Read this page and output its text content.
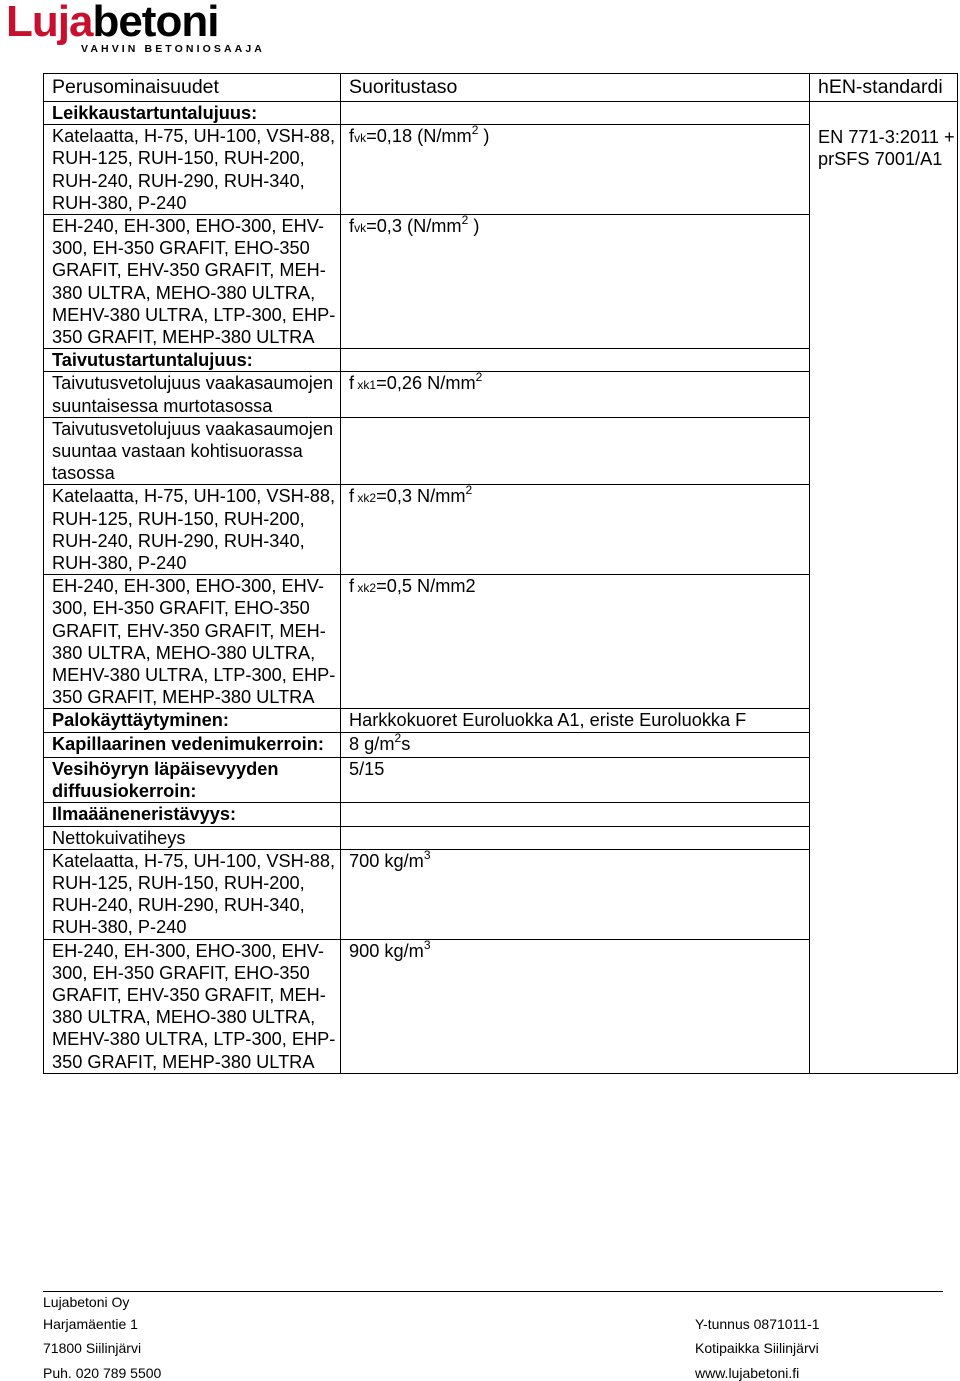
Lujabetoni
VAHVIN BETONIOSAAJA
Perusominaisuudet	Suoritustaso	hEN-standardi
Leikkaustartuntalujuus:		EN 771-3:2011 + prSFS 7001/A1
Katelaatta, H-75, UH-100, VSH-88, RUH-125, RUH-150, RUH-200, RUH-240, RUH-290, RUH-340, RUH-380, P-240	fvk=0,18 ($N/mm^2$ )	
EH-240, EH-300, EHO-300, EHV-300, EH-350 GRAFIT, EHO-350 GRAFIT, EHV-350 GRAFIT, MEH-380 ULTRA, MEHO-380 ULTRA, MEHV-380 ULTRA, LTP-300, EHP-350 GRAFIT, MEHP-380 ULTRA	fvk=0,3 ($N/mm^2$ )	
Taivutustartuntalujuus:		
Taivutusvetolujuus vaakasaumojen suuntaisessa murtotasossa	f xk1=0,26 $N/mm^2$
Taivutusvetolujuus vaakasaumojen suuntaa vastaan kohtisuorassa tasossa		
Katelaatta, H-75, UH-100, VSH-88, RUH-125, RUH-150, RUH-200, RUH-240, RUH-290, RUH-340, RUH-380, P-240	f xk2=0,3 $N/mm^2$
EH-240, EH-300, EHO-300, EHV-300, EH-350 GRAFIT, EHO-350 GRAFIT, EHV-350 GRAFIT, MEH-380 ULTRA, MEHO-380 ULTRA, MEHV-380 ULTRA, LTP-300, EHP-350 GRAFIT, MEHP-380 ULTRA	f xk2=0,5 N/mm2	
Palokäyttäytyminen:	Harkkokuoret Euroluokka A1, eriste Euroluokka F	
Kapillaarinen vedenimukerroin:	8 $g/m^2s$	
Vesihöyryn läpäisevyyden diffuusiokerroin:	5/15	
Ilmaääneneristävyys:		
Nettokuivatiheys		
Katelaatta, H-75, UH-100, VSH-88, RUH-125, RUH-150, RUH-200, RUH-240, RUH-290, RUH-340, RUH-380, P-240	700 $kg/m^3$
EH-240, EH-300, EHO-300, EHV-300, EH-350 GRAFIT, EHO-350 GRAFIT, EHV-350 GRAFIT, MEH-380 ULTRA, MEHO-380 ULTRA, MEHV-380 ULTRA, LTP-300, EHP-350 GRAFIT, MEHP-380 ULTRA	900 $kg/m^3$
Lujabetoni Oy
Harjamäentie 1
71800 Siilinjärvi
Puh. 020 789 5500
Y-tunnus 0871011-1
Kotipaikka Siilinjärvi
www.lujabetoni.fi
